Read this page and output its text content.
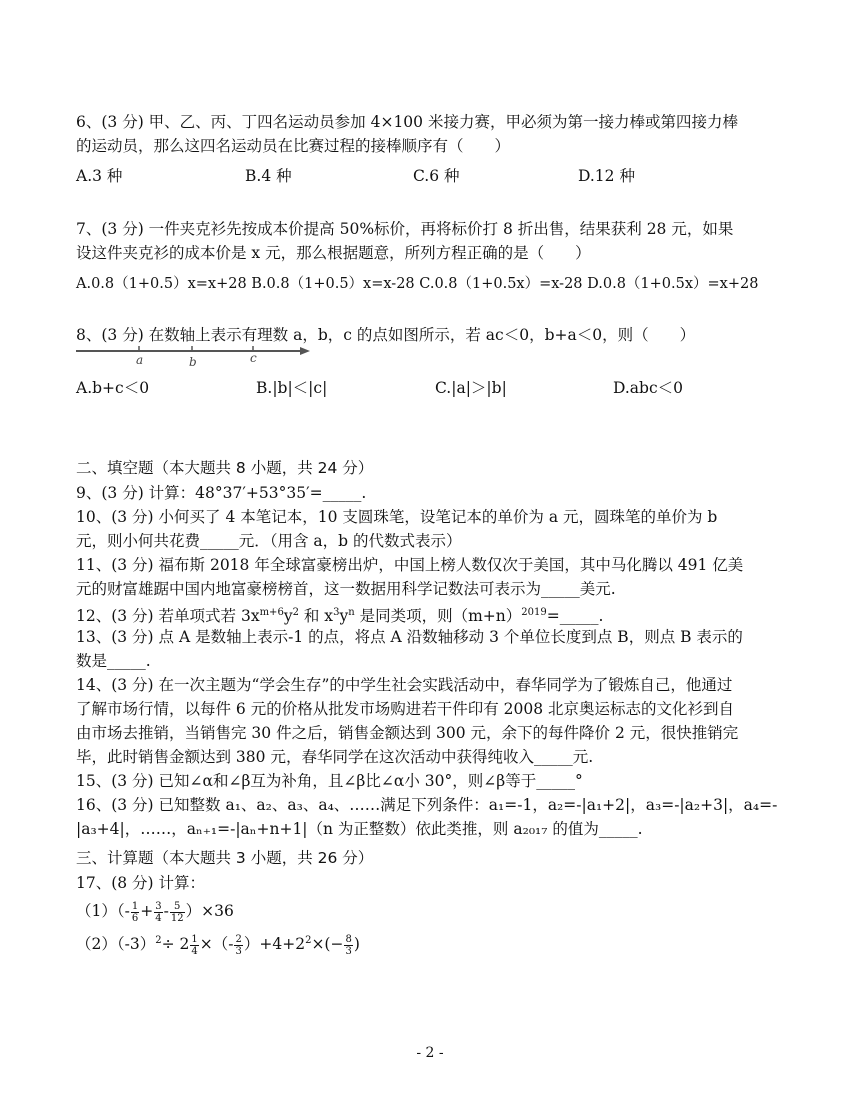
6、(3 分) 甲、乙、丙、丁四名运动员参加 4×100 米接力赛，甲必须为第一接力棒或第四接力棒
的运动员，那么这四名运动员在比赛过程的接棒顺序有（　　）
A.3 种	B.4 种	C.6 种	D.12 种
7、(3 分) 一件夹克衫先按成本价提高 50%标价，再将标价打 8 折出售，结果获利 28 元，如果
设这件夹克衫的成本价是 x 元，那么根据题意，所列方程正确的是（　　）
A.0.8（1+0.5）x=x+28 B.0.8（1+0.5）x=x-28 C.0.8（1+0.5x）=x-28 D.0.8（1+0.5x）=x+28
8、(3 分) 在数轴上表示有理数 a，b，c 的点如图所示，若 ac＜0，b+a＜0，则（　　）
a	b	c
A.b+c＜0	B.|b|＜|c|	C.|a|＞|b|	D.abc＜0
二、填空题（本大题共 8 小题，共 24 分）
9、(3 分) 计算：48°37′+53°35′=_____.
10、(3 分) 小何买了 4 本笔记本，10 支圆珠笔，设笔记本的单价为 a 元，圆珠笔的单价为 b
元，则小何共花费_____元．（用含 a，b 的代数式表示）
11、(3 分) 福布斯 2018 年全球富豪榜出炉，中国上榜人数仅次于美国，其中马化腾以 491 亿美
元的财富雄踞中国内地富豪榜榜首，这一数据用科学记数法可表示为_____美元.
12、(3 分) 若单项式若 $3x^{m+6}y^2$ 和 $x^3y^n$ 是同类项，则$(m+n)^{2019}=\_\_\_\_\_$.
13、(3 分) 点 A 是数轴上表示-1 的点，将点 A 沿数轴移动 3 个单位长度到点 B，则点 B 表示的
数是_____.
14、(3 分) 在一次主题为“学会生存”的中学生社会实践活动中，春华同学为了锻炼自己，他通过
了解市场行情，以每件 6 元的价格从批发市场购进若干件印有 2008 北京奥运标志的文化衫到自
由市场去推销，当销售完 30 件之后，销售金额达到 300 元，余下的每件降价 2 元，很快推销完
毕，此时销售金额达到 380 元，春华同学在这次活动中获得纯收入_____元.
15、(3 分) 已知∠α和∠β互为补角，且∠β比∠α小 30°，则∠β等于_____°
16、(3 分) 已知整数 a₁、a₂、a₃、a₄、……满足下列条件：a₁=-1，a₂=-|a₁+2|，a₃=-|a₂+3|，a₄=-
|a₃+4|，……，aₙ₊₁=-|aₙ+n+1|（n 为正整数）依此类推，则 a₂₀₁₇ 的值为_____.
三、计算题（本大题共 3 小题，共 26 分）
17、(8 分) 计算：
$(1)(- \frac{1}{6} + \frac{3}{4} - \frac{5}{12} )\times 36$
$(2)(-3)^2\div 2 \frac{1}{4}$ ×（- $\frac{2}{3} )+4+2^2\times(- \frac{8}{3}$ )
- 2 -
